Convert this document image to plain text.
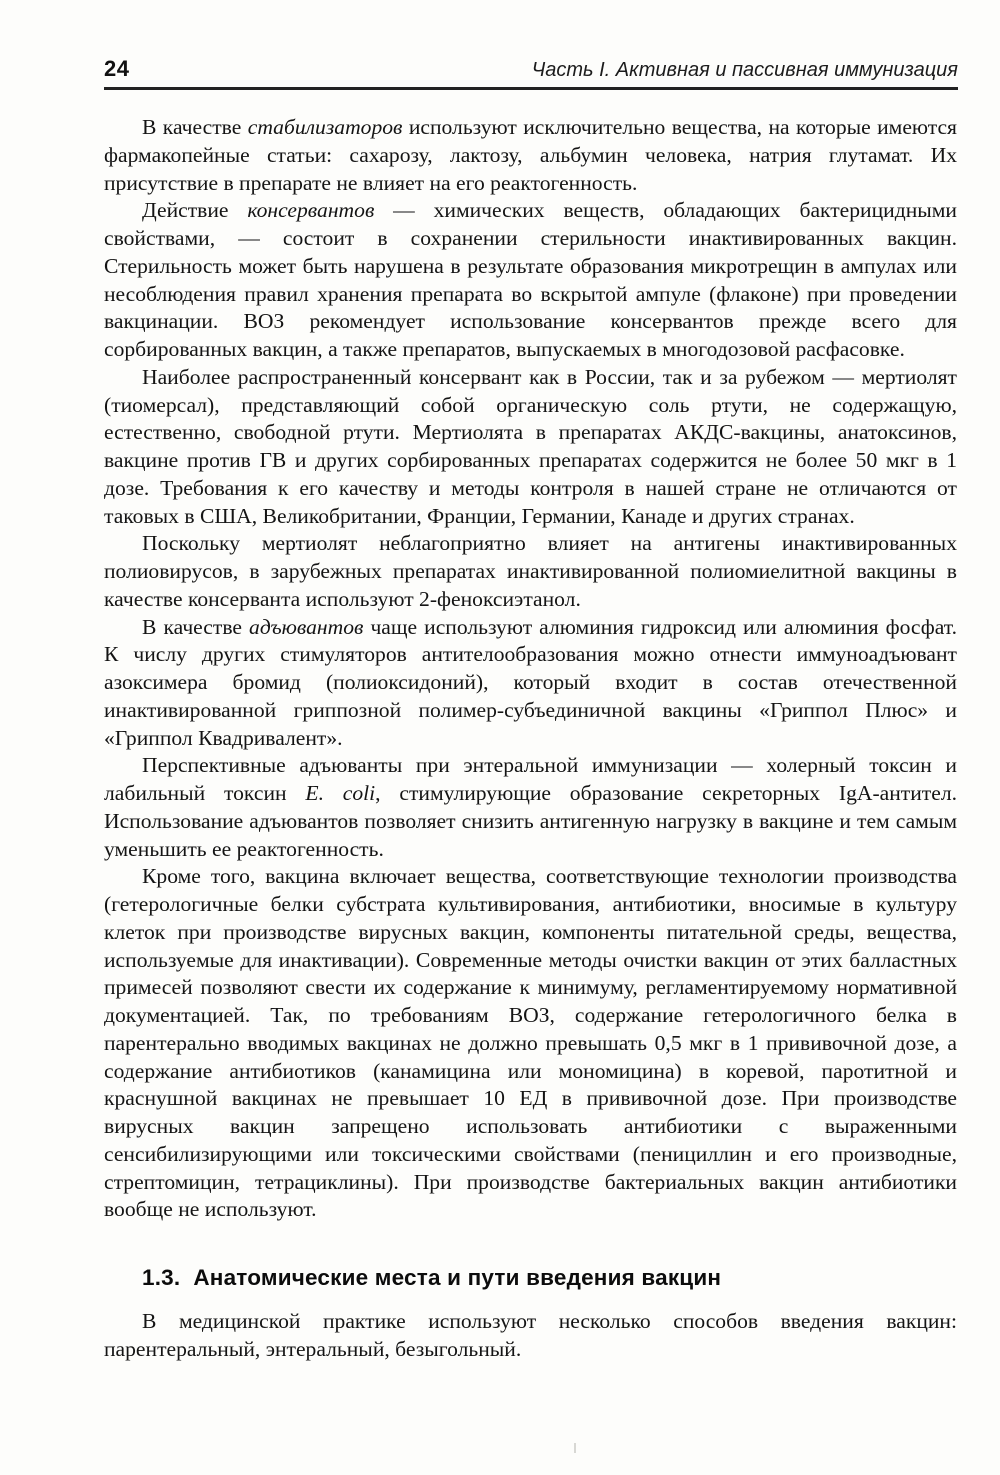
24	Часть I. Активная и пассивная иммунизация

В качестве стабилизаторов используют исключительно вещества, на которые имеются фармакопейные статьи: сахарозу, лактозу, альбумин человека, натрия глутамат. Их присутствие в препарате не влияет на его реактогенность.

Действие консервантов — химических веществ, обладающих бактерицидными свойствами, — состоит в сохранении стерильности инактивированных вакцин. Стерильность может быть нарушена в результате образования микротрещин в ампулах или несоблюдения правил хранения препарата во вскрытой ампуле (флаконе) при проведении вакцинации. ВОЗ рекомендует использование консервантов прежде всего для сорбированных вакцин, а также препаратов, выпускаемых в многодозовой расфасовке.

Наиболее распространенный консервант как в России, так и за рубежом — мертиолят (тиомерсал), представляющий собой органическую соль ртути, не содержащую, естественно, свободной ртути. Мертиолята в препаратах АКДС-вакцины, анатоксинов, вакцине против ГВ и других сорбированных препаратах содержится не более 50 мкг в 1 дозе. Требования к его качеству и методы контроля в нашей стране не отличаются от таковых в США, Великобритании, Франции, Германии, Канаде и других странах.

Поскольку мертиолят неблагоприятно влияет на антигены инактивированных полиовирусов, в зарубежных препаратах инактивированной полиомиелитной вакцины в качестве консерванта используют 2-феноксиэтанол.

В качестве адъювантов чаще используют алюминия гидроксид или алюминия фосфат. К числу других стимуляторов антителообразования можно отнести иммуноадъювант азоксимера бромид (полиоксидоний), который входит в состав отечественной инактивированной гриппозной полимер-субъединичной вакцины «Гриппол Плюс» и «Гриппол Квадривалент».

Перспективные адъюванты при энтеральной иммунизации — холерный токсин и лабильный токсин E. coli, стимулирующие образование секреторных IgA-антител. Использование адъювантов позволяет снизить антигенную нагрузку в вакцине и тем самым уменьшить ее реактогенность.

Кроме того, вакцина включает вещества, соответствующие технологии производства (гетерологичные белки субстрата культивирования, антибиотики, вносимые в культуру клеток при производстве вирусных вакцин, компоненты питательной среды, вещества, используемые для инактивации). Современные методы очистки вакцин от этих балластных примесей позволяют свести их содержание к минимуму, регламентируемому нормативной документацией. Так, по требованиям ВОЗ, содержание гетерологичного белка в парентерально вводимых вакцинах не должно превышать 0,5 мкг в 1 прививочной дозе, а содержание антибиотиков (канамицина или мономицина) в коревой, паротитной и краснушной вакцинах не превышает 10 ЕД в прививочной дозе. При производстве вирусных вакцин запрещено использовать антибиотики с выраженными сенсибилизирующими или токсическими свойствами (пенициллин и его производные, стрептомицин, тетрациклины). При производстве бактериальных вакцин антибиотики вообще не используют.

1.3. Анатомические места и пути введения вакцин

В медицинской практике используют несколько способов введения вакцин: парентеральный, энтеральный, безыгольный.
